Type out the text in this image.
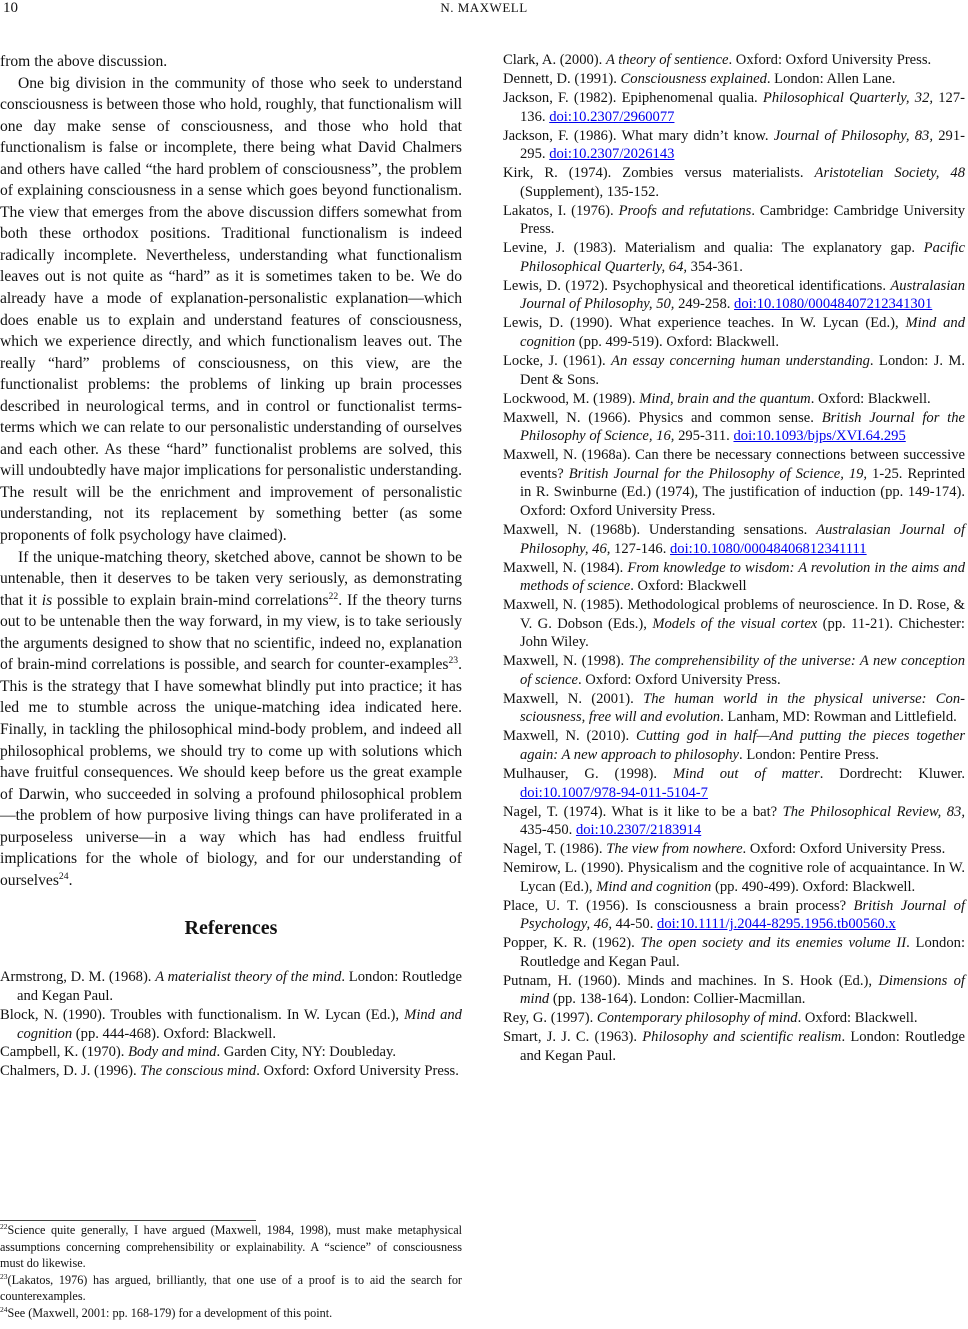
10	N. MAXWELL

from the above discussion.

One big division in the community of those who seek to understand consciousness is between those who hold, roughly, that functionalism will one day make sense of consciousness, and those who hold that functionalism is false or incomplete, there being what David Chalmers and others have called “the hard problem of consciousness”, the problem of explaining consciousness in a sense which goes beyond functionalism. The view that emerges from the above discussion differs somewhat from both these orthodox positions. Traditional functionalism is indeed radically incomplete. Nevertheless, understanding what functionalism leaves out is not quite as “hard” as it is sometimes taken to be. We do already have a mode of explanation-personalistic explanation—which does enable us to explain and understand features of consciousness, which we experience directly, and which functionalism leaves out. The really “hard” problems of consciousness, on this view, are the functionalist problems: the problems of linking up brain processes described in neurological terms, and in control or functionalist terms-terms which we can relate to our personalistic understanding of ourselves and each other. As these “hard” functionalist problems are solved, this will undoubtedly have major implications for personalistic understanding. The result will be the enrichment and improvement of personalistic understanding, not its replacement by something better (as some proponents of folk psychology have claimed).

If the unique-matching theory, sketched above, cannot be shown to be untenable, then it deserves to be taken very seriously, as demonstrating that it is possible to explain brain-mind correlations$^{22}$. If the theory turns out to be untenable then the way forward, in my view, is to take seriously the arguments designed to show that no scientific, indeed no, explanation of brain-mind correlations is possible, and search for counter-examples$^{23}$. This is the strategy that I have somewhat blindly put into practice; it has led me to stumble across the unique-matching idea indicated here. Finally, in tackling the philosophical mind-body problem, and indeed all philosophical problems, we should try to come up with solutions which have fruitful consequences. We should keep before us the great example of Darwin, who succeeded in solving a profound philosophical problem—the problem of how purposive living things can have proliferated in a purposeless universe—in a way which has had endless fruitful implications for the whole of biology, and for our understanding of ourselves$^{24}$.

References
Armstrong, D. M. (1968). A materialist theory of the mind. London: Routledge and Kegan Paul.
Block, N. (1990). Troubles with functionalism. In W. Lycan (Ed.), Mind and cognition (pp. 444-468). Oxford: Blackwell.
Campbell, K. (1970). Body and mind. Garden City, NY: Doubleday.
Chalmers, D. J. (1996). The conscious mind. Oxford: Oxford University Press.
Clark, A. (2000). A theory of sentience. Oxford: Oxford University Press.
Dennett, D. (1991). Consciousness explained. London: Allen Lane.
Jackson, F. (1982). Epiphenomenal qualia. Philosophical Quarterly, 32, 127-136. doi:10.2307/2960077
Jackson, F. (1986). What mary didn’t know. Journal of Philosophy, 83, 291-295. doi:10.2307/2026143
Kirk, R. (1974). Zombies versus materialists. Aristotelian Society, 48 (Supplement), 135-152.
Lakatos, I. (1976). Proofs and refutations. Cambridge: Cambridge University Press.
Levine, J. (1983). Materialism and qualia: The explanatory gap. Pacific Philosophical Quarterly, 64, 354-361.
Lewis, D. (1972). Psychophysical and theoretical identifications. Australasian Journal of Philosophy, 50, 249-258. doi:10.1080/00048407212341301
Lewis, D. (1990). What experience teaches. In W. Lycan (Ed.), Mind and cognition (pp. 499-519). Oxford: Blackwell.
Locke, J. (1961). An essay concerning human understanding. London: J. M. Dent & Sons.
Lockwood, M. (1989). Mind, brain and the quantum. Oxford: Blackwell.
Maxwell, N. (1966). Physics and common sense. British Journal for the Philosophy of Science, 16, 295-311. doi:10.1093/bjps/XVI.64.295
Maxwell, N. (1968a). Can there be necessary connections between successive events? British Journal for the Philosophy of Science, 19, 1-25. Reprinted in R. Swinburne (Ed.) (1974), The justification of induction (pp. 149-174). Oxford: Oxford University Press.
Maxwell, N. (1968b). Understanding sensations. Australasian Journal of Philosophy, 46, 127-146. doi:10.1080/00048406812341111
Maxwell, N. (1984). From knowledge to wisdom: A revolution in the aims and methods of science. Oxford: Blackwell
Maxwell, N. (1985). Methodological problems of neuroscience. In D. Rose, & V. G. Dobson (Eds.), Models of the visual cortex (pp. 11-21). Chichester: John Wiley.
Maxwell, N. (1998). The comprehensibility of the universe: A new conception of science. Oxford: Oxford University Press.
Maxwell, N. (2001). The human world in the physical universe: Consciousness, free will and evolution. Lanham, MD: Rowman and Littlefield.
Maxwell, N. (2010). Cutting god in half—And putting the pieces together again: A new approach to philosophy. London: Pentire Press.
Mulhauser, G. (1998). Mind out of matter. Dordrecht: Kluwer. doi:10.1007/978-94-011-5104-7
Nagel, T. (1974). What is it like to be a bat? The Philosophical Review, 83, 435-450. doi:10.2307/2183914
Nagel, T. (1986). The view from nowhere. Oxford: Oxford University Press.
Nemirow, L. (1990). Physicalism and the cognitive role of acquaintance. In W. Lycan (Ed.), Mind and cognition (pp. 490-499). Oxford: Blackwell.
Place, U. T. (1956). Is consciousness a brain process? British Journal of Psychology, 46, 44-50. doi:10.1111/j.2044-8295.1956.tb00560.x
Popper, K. R. (1962). The open society and its enemies volume II. London: Routledge and Kegan Paul.
Putnam, H. (1960). Minds and machines. In S. Hook (Ed.), Dimensions of mind (pp. 138-164). London: Collier-Macmillan.
Rey, G. (1997). Contemporary philosophy of mind. Oxford: Blackwell.
Smart, J. J. C. (1963). Philosophy and scientific realism. London: Routledge and Kegan Paul.

$^{22}$Science quite generally, I have argued (Maxwell, 1984, 1998), must make metaphysical assumptions concerning comprehensibility or explainability. A “science” of consciousness must do likewise.

$^{23}$(Lakatos, 1976) has argued, brilliantly, that one use of a proof is to aid the search for counterexamples.

$^{24}$See (Maxwell, 2001: pp. 168-179) for a development of this point.
